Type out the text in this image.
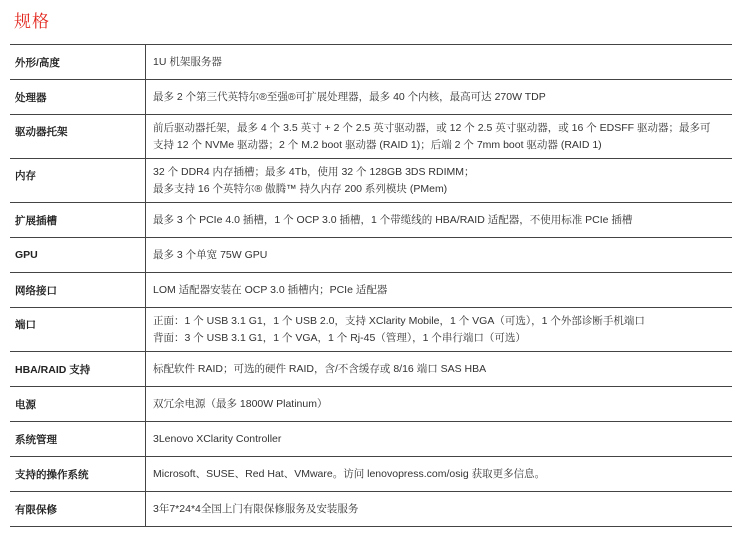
规格
外形/高度	1U 机架服务器

处理器	最多 2 个第三代英特尔®至强®可扩展处理器，最多 40 个内核，最高可达 270W TDP

驱动器托架	前后驱动器托架，最多 4 个 3.5 英寸 + 2 个 2.5 英寸驱动器，或 12 个 2.5 英寸驱动器，或 16 个 EDSFF 驱动器；最多可
支持 12 个 NVMe 驱动器；2 个 M.2 boot 驱动器 (RAID 1)；后端 2 个 7mm boot 驱动器 (RAID 1)

内存	32 个 DDR4 内存插槽；最多 4Tb，使用 32 个 128GB 3DS RDIMM；
最多支持 16 个英特尔® 傲腾™ 持久内存 200 系列模块 (PMem)

扩展插槽	最多 3 个 PCIe 4.0 插槽，1 个 OCP 3.0 插槽，1 个带缆线的 HBA/RAID 适配器，不使用标准 PCIe 插槽

GPU	最多 3 个单宽 75W GPU

网络接口	LOM 适配器安装在 OCP 3.0 插槽内；PCIe 适配器

端口	正面：1 个 USB 3.1 G1，1 个 USB 2.0，支持 XClarity Mobile，1 个 VGA（可选），1 个外部诊断手机端口
背面：3 个 USB 3.1 G1，1 个 VGA，1 个 Rj-45（管理），1 个串行端口（可选）

HBA/RAID 支持	标配软件 RAID；可选的硬件 RAID，含/不含缓存或 8/16 端口 SAS HBA

电源	双冗余电源（最多 1800W Platinum）

系统管理	3Lenovo XClarity Controller

支持的操作系统	Microsoft、SUSE、Red Hat、VMware。访问 lenovopress.com/osig 获取更多信息。

有限保修	3年7*24*4全国上门有限保修服务及安装服务
